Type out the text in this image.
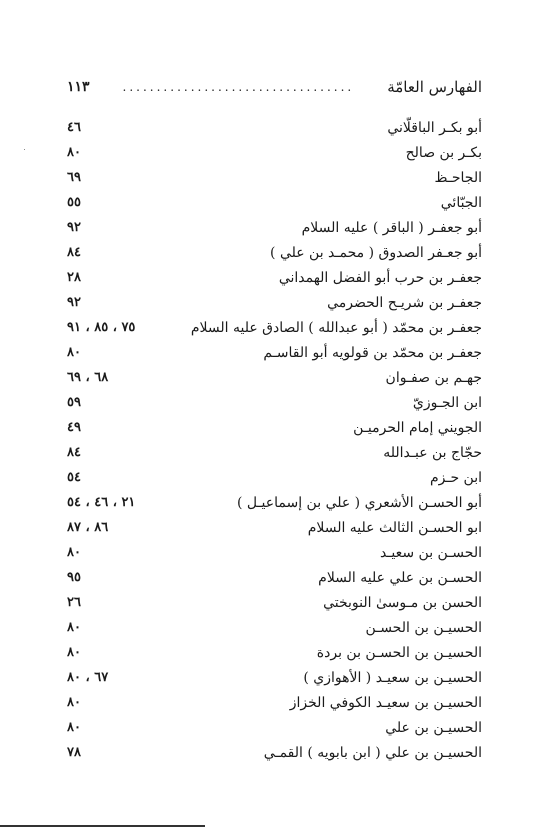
الفهارس العامّة
..................................
١١٣
أبو بكـر الباقلّاني
٤٦
بكـر بن صالح
٨٠
الجاحـظ
٦٩
الجبّائي
٥٥
أبو جعفـر ( الباقر ) عليه السلام
٩٢
أبو جعـفر الصدوق ( محمـد بن علي )
٨٤
جعفـر بن حرب أبو الفضل الهمداني
٢٨
جعفـر بن شريـح الحضرمي
٩٢
جعفـر بن محمّد ( أبو عبدالله ) الصادق عليه السلام
٧٥ ، ٨٥ ، ٩١
جعفـر بن محمّد بن قولويه أبو القاسـم
٨٠
جهـم بن صفـوان
٦٨ ، ٦٩
ابن الجـوزيّ
٥٩
الجويني إمام الحرميـن
٤٩
حجّاج بن عبـدالله
٨٤
ابن حـزم
٥٤
أبو الحسـن الأشعري ( علي بن إسماعيـل )
٢١ ، ٤٦ ، ٥٤
ابو الحسـن الثالث عليه السلام
٨٦ ، ٨٧
الحسـن بن سعيـد
٨٠
الحسـن بن علي عليه السلام
٩٥
الحسن بن مـوسىٰ النوبختي
٢٦
الحسيـن بن الحسـن
٨٠
الحسيـن بن الحسـن بن بردة
٨٠
الحسيـن بن سعيـد ( الأهوازي )
٦٧ ، ٨٠
الحسيـن بن سعيـد الكوفي الخزاز
٨٠
الحسيـن بن علي
٨٠
الحسيـن بن علي ( ابن بابويه ) القمـي
٧٨
